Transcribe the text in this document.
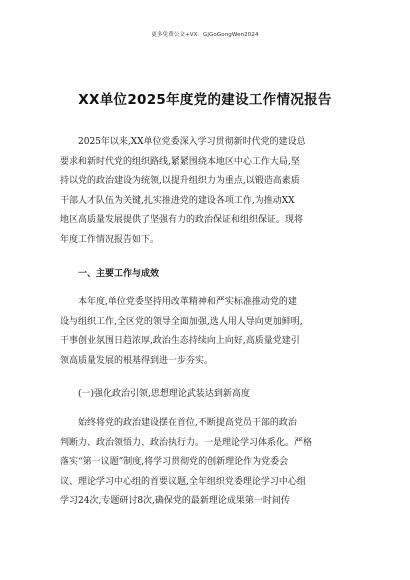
更多免费公文+VX：GjGoGongWen2024
XX单位2025年度党的建设工作情况报告
2025年以来,XX单位党委深入学习贯彻新时代党的建设总
要求和新时代党的组织路线,紧紧围绕本地区中心工作大局,坚
持以党的政治建设为统领,以提升组织力为重点,以锻造高素质
干部人才队伍为关键,扎实推进党的建设各项工作,为推动XX
地区高质量发展提供了坚强有力的政治保证和组织保证。现将
年度工作情况报告如下。
一、主要工作与成效
本年度,单位党委坚持用改革精神和严实标准推动党的建
设与组织工作,全区党的领导全面加强,选人用人导向更加鲜明,
干事创业氛围日趋浓厚,政治生态持续向上向好,高质量党建引
领高质量发展的根基得到进一步夯实。
(一)强化政治引领,思想理论武装达到新高度
始终将党的政治建设摆在首位,不断提高党员干部的政治
判断力、政治领悟力、政治执行力。一是理论学习体系化。严格
落实“第一议题”制度,将学习贯彻党的创新理论作为党委会
议、理论学习中心组的首要议题,全年组织党委理论学习中心组
学习24次,专题研讨8次,确保党的最新理论成果第一时间传
